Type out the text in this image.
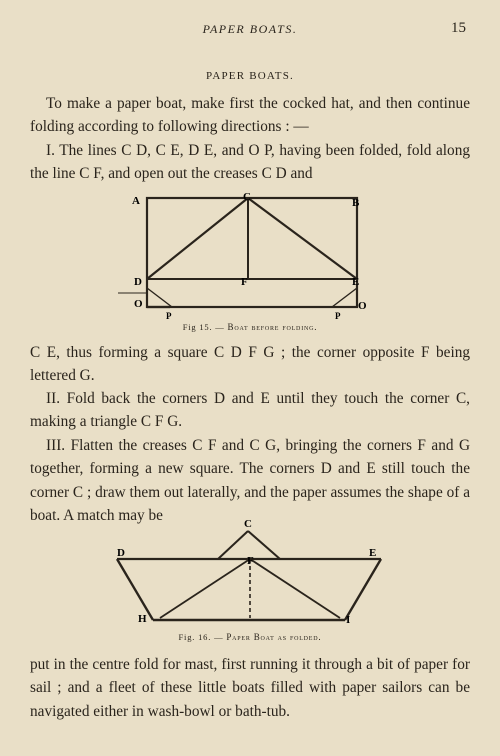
PAPER BOATS.	15
PAPER BOATS.

To make a paper boat, make first the cocked hat, and then continue folding according to following directions : —

I. The lines C D, C E, D E, and O P, having been folded, fold along the line C F, and open out the creases C D and

A	C	B
D	F	E
O	O
P	P
Fig 15. — Boat before folding.

C E, thus forming a square C D F G ; the corner opposite F being lettered G.

II. Fold back the corners D and E until they touch the corner C, making a triangle C F G.

III. Flatten the creases C F and C G, bringing the corners F and G together, forming a new square. The corners D and E still touch the corner C ; draw them out laterally, and the paper assumes the shape of a boat. A match may be	C
D	E
F
H	I
Fig. 16. — Paper Boat as folded.

put in the centre fold for mast, first running it through a bit of paper for sail ; and a fleet of these little boats filled with paper sailors can be navigated either in wash-bowl or bath-tub.
